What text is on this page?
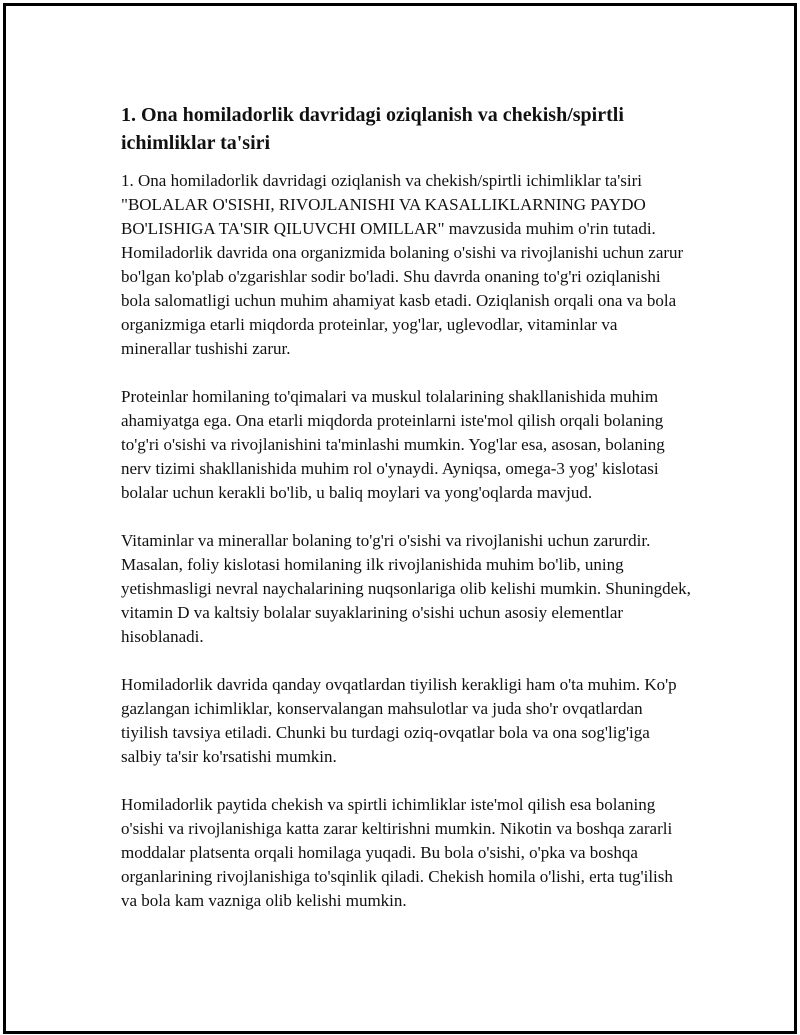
1. Ona homiladorlik davridagi oziqlanish va chekish/spirtli ichimliklar ta'siri

1. Ona homiladorlik davridagi oziqlanish va chekish/spirtli ichimliklar ta'siri "BOLALAR O'SISHI, RIVOJLANISHI VA KASALLIKLARNING PAYDO BO'LISHIGA TA'SIR QILUVCHI OMILLAR" mavzusida muhim o'rin tutadi. Homiladorlik davrida ona organizmida bolaning o'sishi va rivojlanishi uchun zarur bo'lgan ko'plab o'zgarishlar sodir bo'ladi. Shu davrda onaning to'g'ri oziqlanishi bola salomatligi uchun muhim ahamiyat kasb etadi. Oziqlanish orqali ona va bola organizmiga etarli miqdorda proteinlar, yog'lar, uglevodlar, vitaminlar va minerallar tushishi zarur.

Proteinlar homilaning to'qimalari va muskul tolalarining shakllanishida muhim ahamiyatga ega. Ona etarli miqdorda proteinlarni iste'mol qilish orqali bolaning to'g'ri o'sishi va rivojlanishini ta'minlashi mumkin. Yog'lar esa, asosan, bolaning nerv tizimi shakllanishida muhim rol o'ynaydi. Ayniqsa, omega-3 yog' kislotasi bolalar uchun kerakli bo'lib, u baliq moylari va yong'oqlarda mavjud.

Vitaminlar va minerallar bolaning to'g'ri o'sishi va rivojlanishi uchun zarurdir. Masalan, foliy kislotasi homilaning ilk rivojlanishida muhim bo'lib, uning yetishmasligi nevral naychalarining nuqsonlariga olib kelishi mumkin. Shuningdek, vitamin D va kaltsiy bolalar suyaklarining o'sishi uchun asosiy elementlar hisoblanadi.

Homiladorlik davrida qanday ovqatlardan tiyilish kerakligi ham o'ta muhim. Ko'p gazlangan ichimliklar, konservalangan mahsulotlar va juda sho'r ovqatlardan tiyilish tavsiya etiladi. Chunki bu turdagi oziq-ovqatlar bola va ona sog'lig'iga salbiy ta'sir ko'rsatishi mumkin.

Homiladorlik paytida chekish va spirtli ichimliklar iste'mol qilish esa bolaning o'sishi va rivojlanishiga katta zarar keltirishni mumkin. Nikotin va boshqa zararli moddalar platsenta orqali homilaga yuqadi. Bu bola o'sishi, o'pka va boshqa organlarining rivojlanishiga to'sqinlik qiladi. Chekish homila o'lishi, erta tug'ilish va bola kam vazniga olib kelishi mumkin.
